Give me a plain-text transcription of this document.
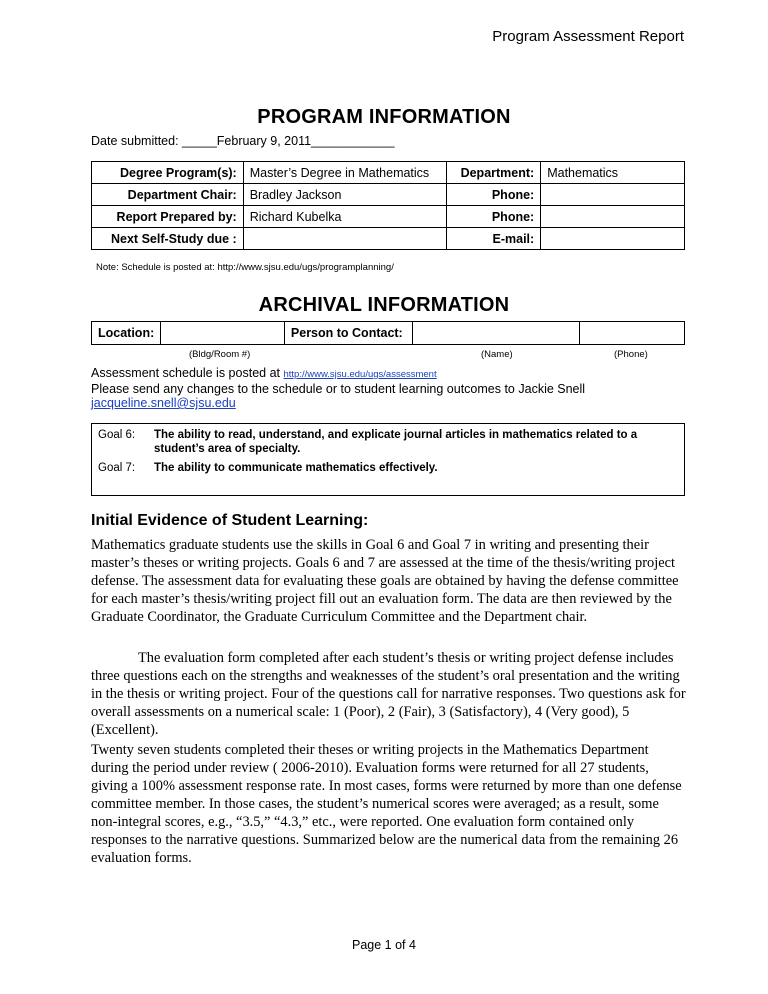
Program Assessment Report
PROGRAM INFORMATION
Date submitted: _____February 9, 2011____________
Degree Program(s):	Master’s Degree in Mathematics	Department:	Mathematics
Department Chair:	Bradley Jackson	Phone:	
Report Prepared by:	Richard Kubelka	Phone:	
Next Self-Study due :		E-mail:	
Note: Schedule is posted at: http://www.sjsu.edu/ugs/programplanning/
ARCHIVAL INFORMATION
Location:		Person to Contact:		
(Bldg/Room #)	(Name)	(Phone)
Assessment schedule is posted at http://www.sjsu.edu/ugs/assessment
Please send any changes to the schedule or to student learning outcomes to Jackie Snell
jacqueline.snell@sjsu.edu
Goal 6:	The ability to read, understand, and explicate journal articles in mathematics related to a student’s area of specialty.
Goal 7:	The ability to communicate mathematics effectively.
Initial Evidence of Student Learning:
Mathematics graduate students use the skills in Goal 6 and Goal 7 in writing and presenting their master’s theses or writing projects. Goals 6 and 7 are assessed at the time of the thesis/writing project defense. The assessment data for evaluating these goals are obtained by having the defense committee for each master’s thesis/writing project fill out an evaluation form. The data are then reviewed by the Graduate Coordinator, the Graduate Curriculum Committee and the Department chair.
The evaluation form completed after each student’s thesis or writing project defense includes three questions each on the strengths and weaknesses of the student’s oral presentation and the writing in the thesis or writing project. Four of the questions call for narrative responses. Two questions ask for overall assessments on a numerical scale: 1 (Poor), 2 (Fair), 3 (Satisfactory), 4 (Very good), 5 (Excellent).
Twenty seven students completed their theses or writing projects in the Mathematics Department during the period under review ( 2006-2010). Evaluation forms were returned for all 27 students, giving a 100% assessment response rate. In most cases, forms were returned by more than one defense committee member. In those cases, the student’s numerical scores were averaged; as a result, some non-integral scores, e.g., “3.5,” “4.3,” etc., were reported. One evaluation form contained only responses to the narrative questions. Summarized below are the numerical data from the remaining 26 evaluation forms.
Page 1 of 4
